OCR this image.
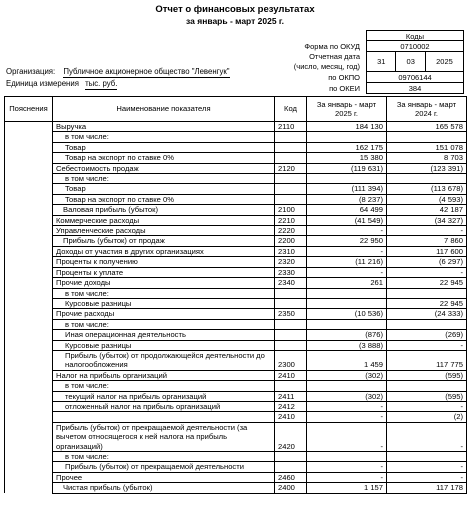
Отчет о финансовых результатах
за январь - март 2025 г.
Коды
Форма по ОКУД	0710002
Отчетная дата
(число, месяц, год)	31	03	2025
по ОКПО	09706144
по ОКЕИ	384
Организация: Публичное акционерное общество "Левенгук"
Единица измерения тыс. руб.
Пояснения	Наименование показателя	Код	За январь - март 2025 г.	За январь - март 2024 г.
	Выручка	2110	184 130	165 578
	в том числе:			
	Товар		162 175	151 078
	Товар на экспорт по ставке 0%		15 380	8 703
	Себестоимость продаж	2120	(119 631)	(123 391)
	в том числе:			
	Товар		(111 394)	(113 678)
	Товар на экспорт по ставке 0%		(8 237)	(4 593)
	Валовая прибыль (убыток)	2100	64 499	42 187
	Коммерческие расходы	2210	(41 549)	(34 327)
	Управленческие расходы	2220	-	-
	Прибыль (убыток) от продаж	2200	22 950	7 860
	Доходы от участия в других организациях	2310	-	117 600
	Проценты к получению	2320	(11 216)	(6 297)
	Проценты к уплате	2330	-	-
	Прочие доходы	2340	261	22 945
	в том числе:			
	Курсовые разницы			22 945
	Прочие расходы	2350	(10 536)	(24 333)
	в том числе:			
	Иная операционная деятельность		(876)	(269)
	Курсовые разницы		(3 888)	-
	Прибыль (убыток) от продолжающейся деятельности до налогообложения	2300	1 459	117 775
	Налог на прибыль организаций	2410	(302)	(595)
	в том числе:			
	текущий налог на прибыль организаций	2411	(302)	(595)
	отложенный налог на прибыль организаций	2412	-	-
		2410	-	(2)
	Прибыль (убыток) от прекращаемой деятельности (за вычетом относящегося к ней налога на прибыль организаций)	2420	-	-
	в том числе:			
	Прибыль (убыток) от прекращаемой деятельности		-	-
	Прочее	2460	-	-
	Чистая прибыль (убыток)	2400	1 157	117 178
